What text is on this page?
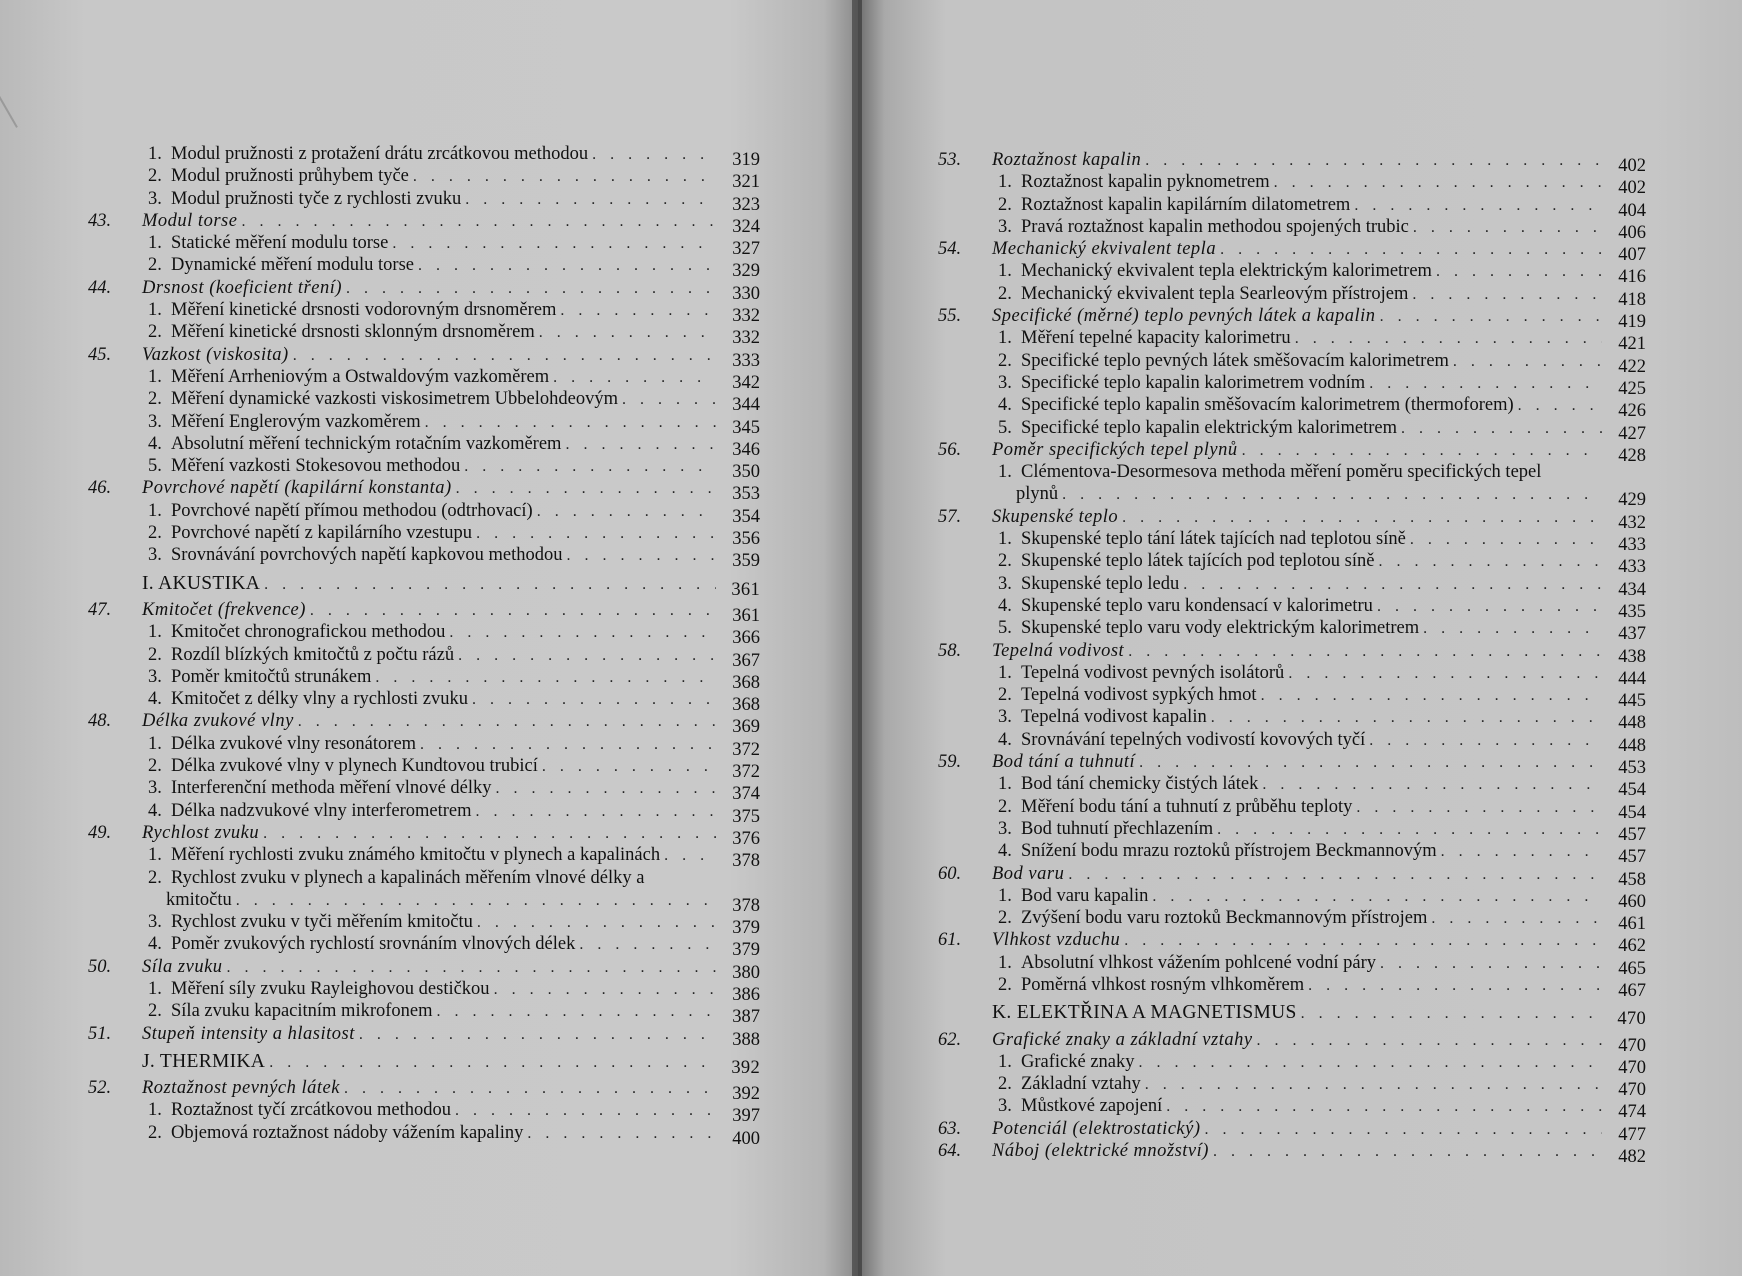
1. Modul pružnosti z protažení drátu zrcátkovou methodou . . .	319
2. Modul pružnosti průhybem tyče . . .	321
3. Modul pružnosti tyče z rychlosti zvuku . . .	323
43.	Modul torse . . .	324
1. Statické měření modulu torse . . .	327
2. Dynamické měření modulu torse . . .	329
44.	Drsnost (koeficient tření) . . .	330
1. Měření kinetické drsnosti vodorovným drsnoměrem . . .	332
2. Měření kinetické drsnosti sklonným drsnoměrem . . .	332
45.	Vazkost (viskosita) . . .	333
1. Měření Arrheniovým a Ostwaldovým vazkoměrem . . .	342
2. Měření dynamické vazkosti viskosimetrem Ubbelohdeovým . . .	344
3. Měření Englerovým vazkoměrem . . .	345
4. Absolutní měření technickým rotačním vazkoměrem . . .	346
5. Měření vazkosti Stokesovou methodou . . .	350
46.	Povrchové napětí (kapilární konstanta) . . .	353
1. Povrchové napětí přímou methodou (odtrhovací) . . .	354
2. Povrchové napětí z kapilárního vzestupu . . .	356
3. Srovnávání povrchových napětí kapkovou methodou . . .	359
I. AKUSTIKA . . .	361
47.	Kmitočet (frekvence) . . .	361
1. Kmitočet chronografickou methodou . . .	366
2. Rozdíl blízkých kmitočtů z počtu rázů . . .	367
3. Poměr kmitočtů strunákem . . .	368
4. Kmitočet z délky vlny a rychlosti zvuku . . .	368
48.	Délka zvukové vlny . . .	369
1. Délka zvukové vlny resonátorem . . .	372
2. Délka zvukové vlny v plynech Kundtovou trubicí . . .	372
3. Interferenční methoda měření vlnové délky . . .	374
4. Délka nadzvukové vlny interferometrem . . .	375
49.	Rychlost zvuku . . .	376
1. Měření rychlosti zvuku známého kmitočtu v plynech a kapalinách . . .	378
2. Rychlost zvuku v plynech a kapalinách měřením vlnové délky a
kmitočtu . . .	378
3. Rychlost zvuku v tyči měřením kmitočtu . . .	379
4. Poměr zvukových rychlostí srovnáním vlnových délek . . .	379
50.	Síla zvuku . . .	380
1. Měření síly zvuku Rayleighovou destičkou . . .	386
2. Síla zvuku kapacitním mikrofonem . . .	387
51.	Stupeň intensity a hlasitost . . .	388
J. THERMIKA . . .	392
52.	Roztažnost pevných látek . . .	392
1. Roztažnost tyčí zrcátkovou methodou . . .	397
2. Objemová roztažnost nádoby vážením kapaliny . . .	400
53.	Roztažnost kapalin . . .	402
1. Roztažnost kapalin pyknometrem . . .	402
2. Roztažnost kapalin kapilárním dilatometrem . . .	404
3. Pravá roztažnost kapalin methodou spojených trubic . . .	406
54.	Mechanický ekvivalent tepla . . .	407
1. Mechanický ekvivalent tepla elektrickým kalorimetrem . . .	416
2. Mechanický ekvivalent tepla Searleovým přístrojem . . .	418
55.	Specifické (měrné) teplo pevných látek a kapalin . . .	419
1. Měření tepelné kapacity kalorimetru . . .	421
2. Specifické teplo pevných látek směšovacím kalorimetrem . . .	422
3. Specifické teplo kapalin kalorimetrem vodním . . .	425
4. Specifické teplo kapalin směšovacím kalorimetrem (thermoforem) . . .	426
5. Specifické teplo kapalin elektrickým kalorimetrem . . .	427
56.	Poměr specifických tepel plynů . . .	428
1. Clémentova-Desormesova methoda měření poměru specifických tepel
plynů . . .	429
57.	Skupenské teplo . . .	432
1. Skupenské teplo tání látek tajících nad teplotou síně . . .	433
2. Skupenské teplo látek tajících pod teplotou síně . . .	433
3. Skupenské teplo ledu . . .	434
4. Skupenské teplo varu kondensací v kalorimetru . . .	435
5. Skupenské teplo varu vody elektrickým kalorimetrem . . .	437
58.	Tepelná vodivost . . .	438
1. Tepelná vodivost pevných isolátorů . . .	444
2. Tepelná vodivost sypkých hmot . . .	445
3. Tepelná vodivost kapalin . . .	448
4. Srovnávání tepelných vodivostí kovových tyčí . . .	448
59.	Bod tání a tuhnutí . . .	453
1. Bod tání chemicky čistých látek . . .	454
2. Měření bodu tání a tuhnutí z průběhu teploty . . .	454
3. Bod tuhnutí přechlazením . . .	457
4. Snížení bodu mrazu roztoků přístrojem Beckmannovým . . .	457
60.	Bod varu . . .	458
1. Bod varu kapalin . . .	460
2. Zvýšení bodu varu roztoků Beckmannovým přístrojem . . .	461
61.	Vlhkost vzduchu . . .	462
1. Absolutní vlhkost vážením pohlcené vodní páry . . .	465
2. Poměrná vlhkost rosným vlhkoměrem . . .	467
K. ELEKTŘINA A MAGNETISMUS . . .	470
62.	Grafické znaky a základní vztahy . . .	470
1. Grafické znaky . . .	470
2. Základní vztahy . . .	470
3. Můstkové zapojení . . .	474
63.	Potenciál (elektrostatický) . . .	477
64.	Náboj (elektrické množství) . . .	482
